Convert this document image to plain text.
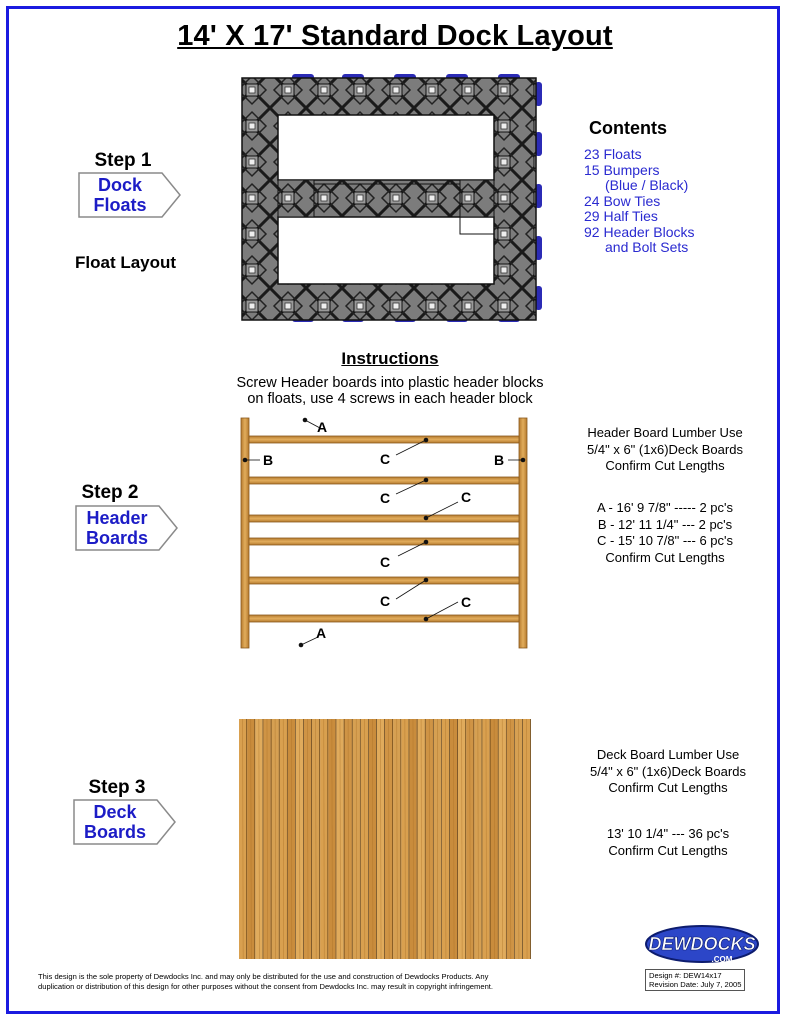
14' X 17' Standard Dock Layout
Step 1
Dock
Floats
Float Layout
Contents
23 Floats
15 Bumpers
(Blue / Black)
24 Bow Ties
29 Half Ties
92 Header Blocks
and Bolt Sets
Instructions
Screw Header boards into plastic header blocks
on floats, use 4 screws in each header block
Step 2
Header
Boards
A
A
B	B
C
C	C
C
C	C
Header Board Lumber Use
5/4" x 6" (1x6)Deck Boards
Confirm Cut Lengths
A - 16' 9 7/8" ----- 2 pc's
B - 12' 11 1/4" --- 2 pc's
C - 15' 10 7/8" --- 6 pc's
Confirm Cut Lengths
Step 3
Deck
Boards
Deck Board Lumber Use
5/4" x 6" (1x6)Deck Boards
Confirm Cut Lengths
13' 10 1/4" --- 36 pc's
Confirm Cut Lengths
DEWDOCKS
.COM
This design is the sole property of Dewdocks Inc. and may only be distributed for the use and construction of Dewdocks Products. Any
duplication or distribution of this design for other purposes without the consent from Dewdocks Inc. may result in copyright infringement.
Design #: DEW14x17
Revision Date: July 7, 2005
